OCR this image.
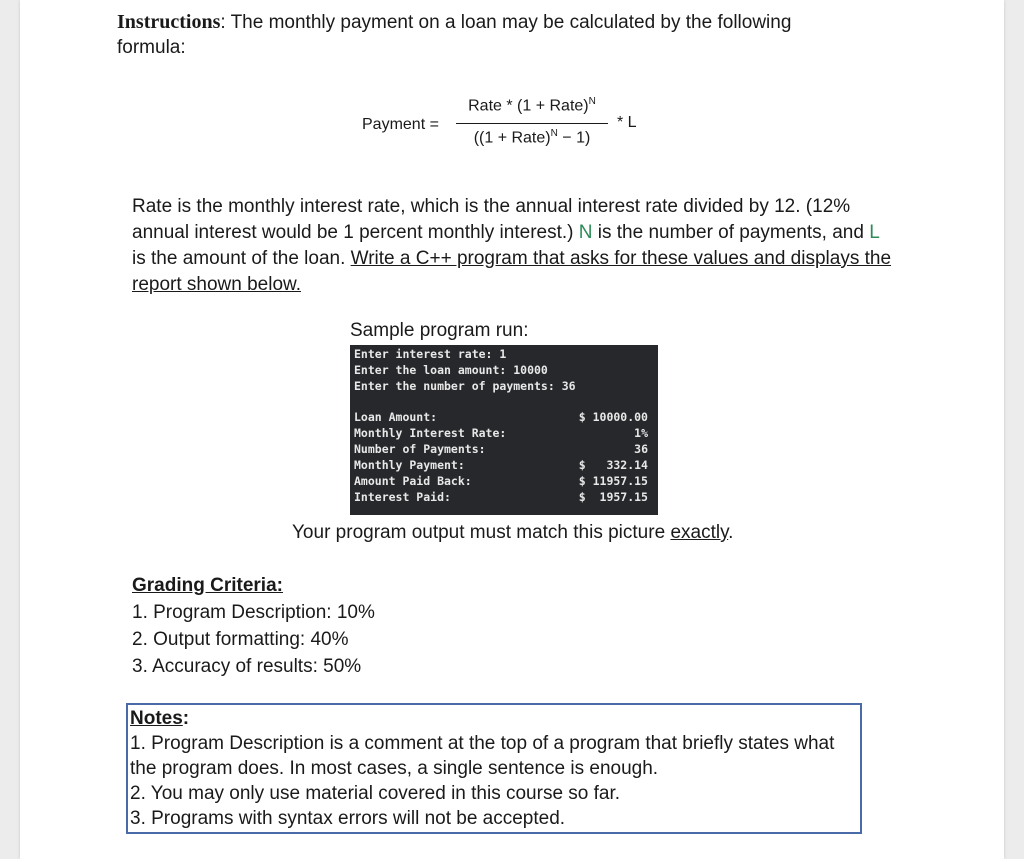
Instructions: The monthly payment on a loan may be calculated by the following formula:
Payment =
Rate * (1 + Rate)$^N$
((1 + Rate)$^N$ − 1)
* L
Rate is the monthly interest rate, which is the annual interest rate divided by 12. (12% annual interest would be 1 percent monthly interest.) N is the number of payments, and L is the amount of the loan. Write a C++ program that asks for these values and displays the report shown below.
Sample program run:
Enter interest rate: 1
Enter the loan amount: 10000
Enter the number of payments: 36
Loan Amount:	$ 10000.00
Monthly Interest Rate:	1%
Number of Payments:	36
Monthly Payment:	$   332.14
Amount Paid Back:	$ 11957.15
Interest Paid:	$  1957.15
Your program output must match this picture exactly.
Grading Criteria:
1. Program Description: 10%
2. Output formatting: 40%
3. Accuracy of results: 50%
Notes:
1. Program Description is a comment at the top of a program that briefly states what the program does. In most cases, a single sentence is enough.
2. You may only use material covered in this course so far.
3. Programs with syntax errors will not be accepted.
